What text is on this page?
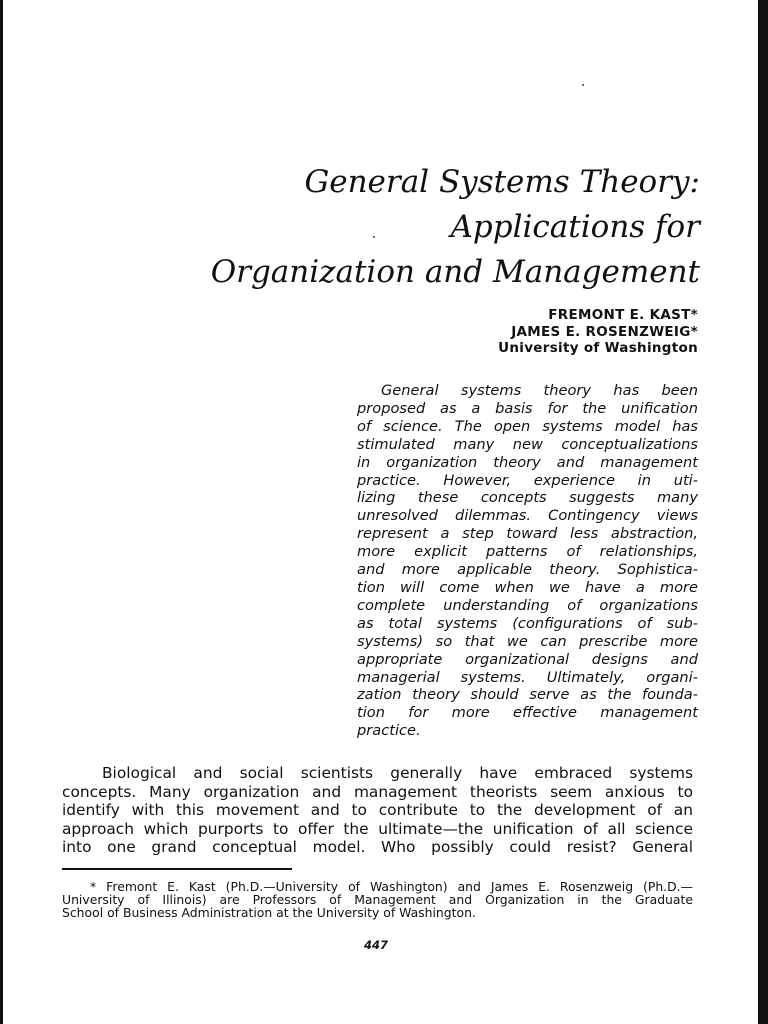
General Systems Theory:
Applications for
Organization and Management
FREMONT E. KAST*
JAMES E. ROSENZWEIG*
University of Washington
General systems theory has been
proposed as a basis for the unification
of science. The open systems model has
stimulated many new conceptualizations
in organization theory and management
practice. However, experience in uti-
lizing these concepts suggests many
unresolved dilemmas. Contingency views
represent a step toward less abstraction,
more explicit patterns of relationships,
and more applicable theory. Sophistica-
tion will come when we have a more
complete understanding of organizations
as total systems (configurations of sub-
systems) so that we can prescribe more
appropriate organizational designs and
managerial systems. Ultimately, organi-
zation theory should serve as the founda-
tion for more effective management
practice.
Biological and social scientists generally have embraced systems
concepts. Many organization and management theorists seem anxious to
identify with this movement and to contribute to the development of an
approach which purports to offer the ultimate—the unification of all science
into one grand conceptual model. Who possibly could resist? General
* Fremont E. Kast (Ph.D.—University of Washington) and James E. Rosenzweig (Ph.D.—
University of Illinois) are Professors of Management and Organization in the Graduate
School of Business Administration at the University of Washington.
447
